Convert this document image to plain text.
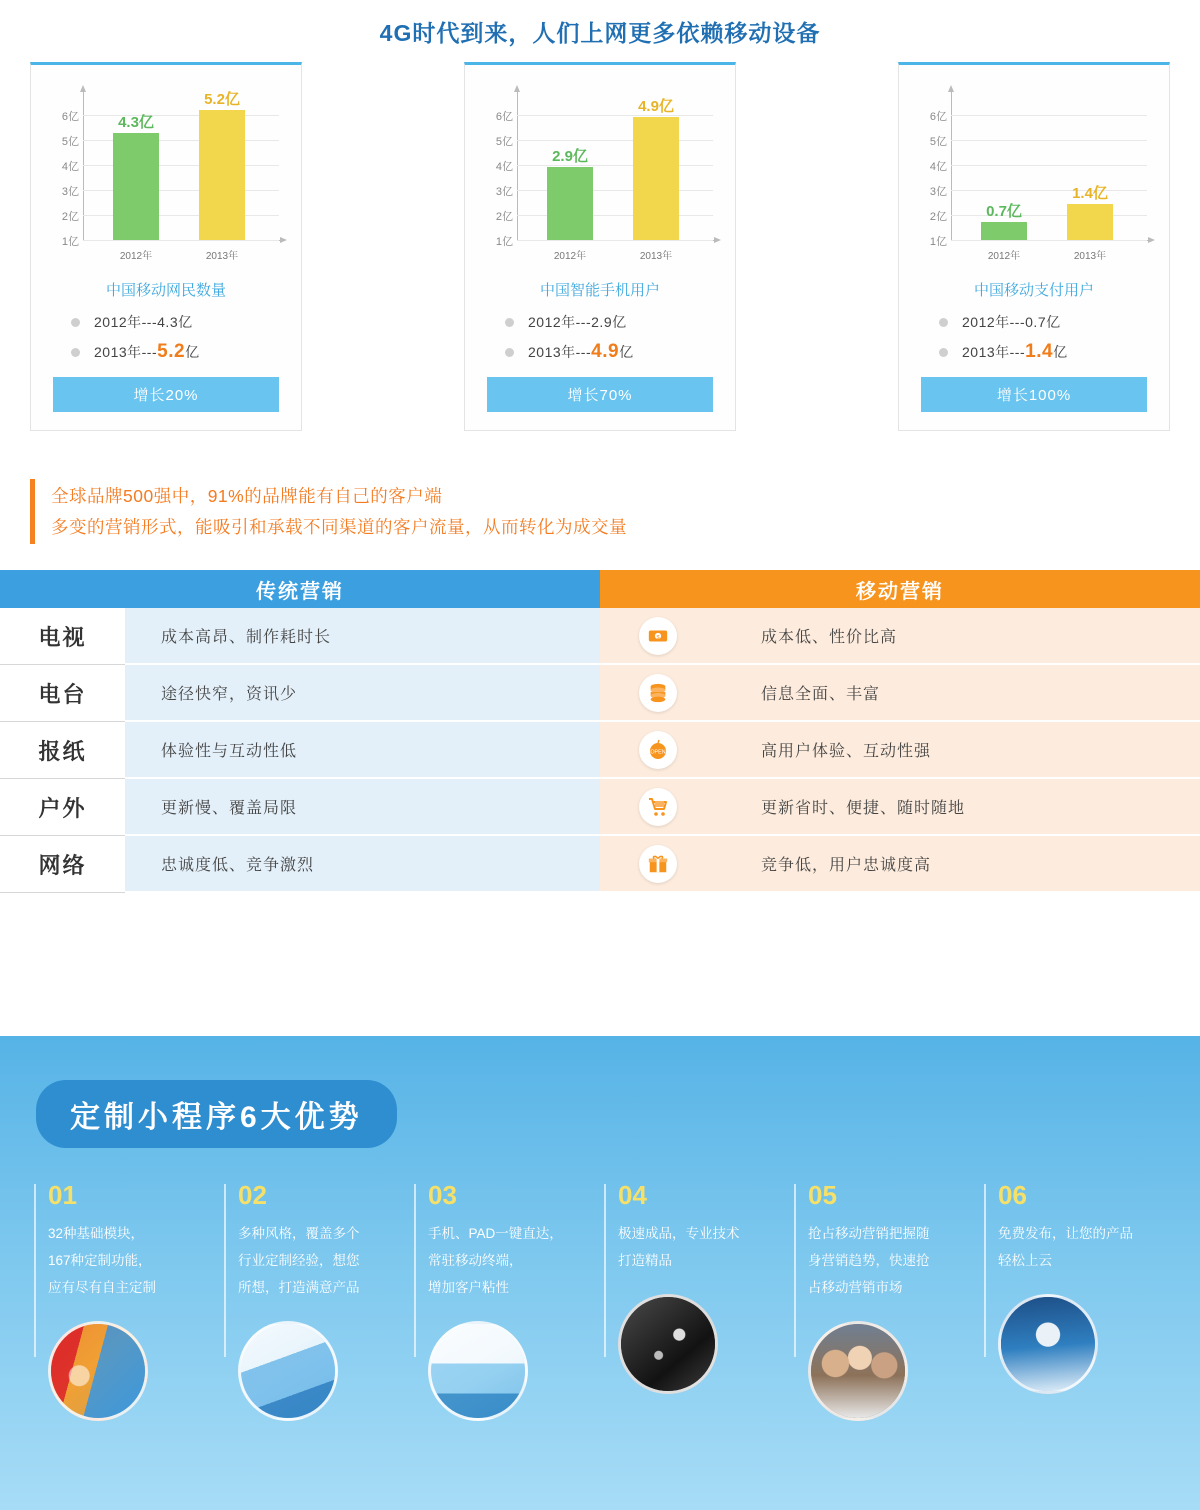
4G时代到来，人们上网更多依赖移动设备
6亿
5亿
4亿
3亿
2亿
1亿
4.3亿
2012年
5.2亿
2013年
中国移动网民数量
2012年--- 4.3 亿
2013年--- 5.2 亿
增长20%
6亿
5亿
4亿
3亿
2亿
1亿
2.9亿
2012年
4.9亿
2013年
中国智能手机用户
2012年--- 2.9 亿
2013年--- 4.9 亿
增长70%
6亿
5亿
4亿
3亿
2亿
1亿
0.7亿
2012年
1.4亿
2013年
中国移动支付用户
2012年--- 0.7 亿
2013年--- 1.4 亿
增长100%
全球品牌500强中，91%的品牌能有自己的客户端
多变的营销形式，能吸引和承载不同渠道的客户流量，从而转化为成交量
传统营销	移动营销
电视	成本高昂、制作耗时长	$	成本低、性价比高
电台	途径快窄，资讯少	信息全面、丰富
报纸	体验性与互动性低	OPEN	高用户体验、互动性强
户外	更新慢、覆盖局限	更新省时、便捷、随时随地
网络	忠诚度低、竞争激烈	竞争低，用户忠诚度高
定制小程序6大优势
01
32种基础模块，
167种定制功能，
应有尽有自主定制
02
多种风格，覆盖多个
行业定制经验，想您
所想，打造满意产品
03
手机、PAD一键直达，
常驻移动终端，
增加客户粘性
04
极速成品，专业技术
打造精品
05
抢占移动营销把握随
身营销趋势，快速抢
占移动营销市场
06
免费发布，让您的产品
轻松上云
